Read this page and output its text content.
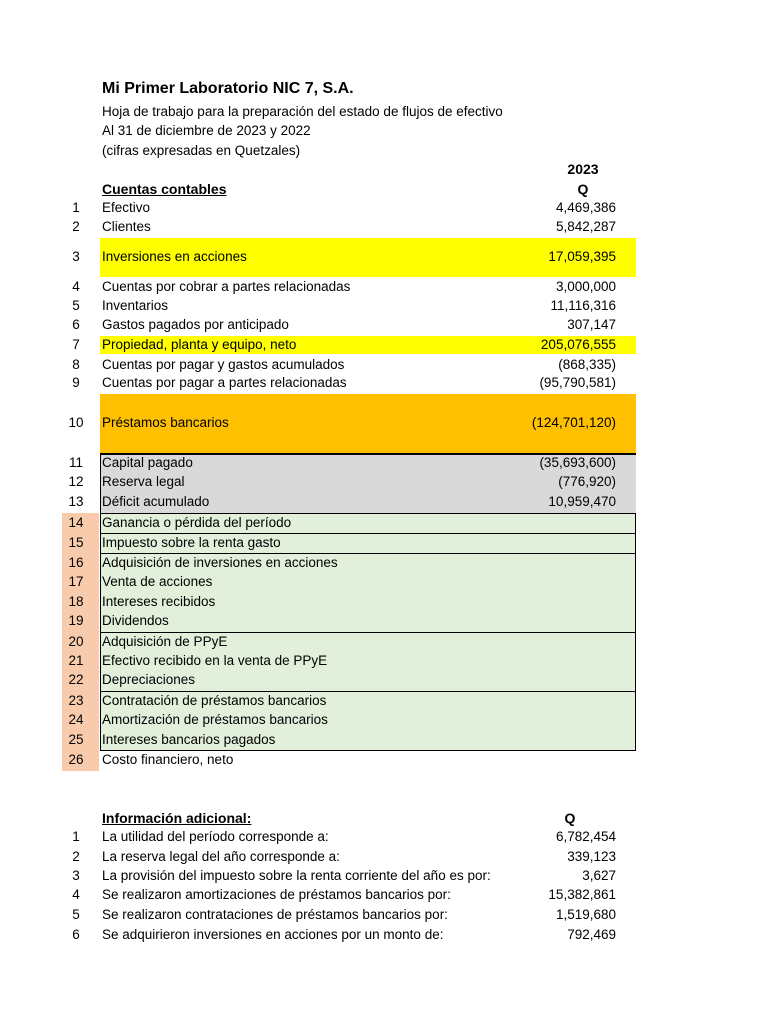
Mi Primer Laboratorio NIC 7, S.A.
Hoja de trabajo para la preparación del estado de flujos de efectivo
Al 31 de diciembre de 2023 y 2022
(cifras expresadas en Quetzales)
2023
Q
Cuentas contables
1	Efectivo	4,469,386
2	Clientes	5,842,287
3	Inversiones en acciones	17,059,395
4	Cuentas por cobrar a partes relacionadas	3,000,000
5	Inventarios	11,116,316
6	Gastos pagados por anticipado	307,147
7	Propiedad, planta y equipo, neto	205,076,555
8	Cuentas por pagar y gastos acumulados	(868,335)
9	Cuentas por pagar a partes relacionadas	(95,790,581)
10	Préstamos bancarios	(124,701,120)
11	Capital pagado	(35,693,600)
12	Reserva legal	(776,920)
13	Déficit acumulado	10,959,470
14	Ganancia o pérdida del período
15	Impuesto sobre la renta gasto
16	Adquisición de inversiones en acciones
17	Venta de acciones
18	Intereses recibidos
19	Dividendos
20	Adquisición de PPyE
21	Efectivo recibido en la venta de PPyE
22	Depreciaciones
23	Contratación de préstamos bancarios
24	Amortización de préstamos bancarios
25	Intereses bancarios pagados
26	Costo financiero, neto
Información adicional:	Q
1	La utilidad del período corresponde a:	6,782,454
2	La reserva legal del año corresponde a:	339,123
3	La provisión del impuesto sobre la renta corriente del año es por:	3,627
4	Se realizaron amortizaciones de préstamos bancarios por:	15,382,861
5	Se realizaron contrataciones de préstamos bancarios por:	1,519,680
6	Se adquirieron inversiones en acciones por un monto de:	792,469
